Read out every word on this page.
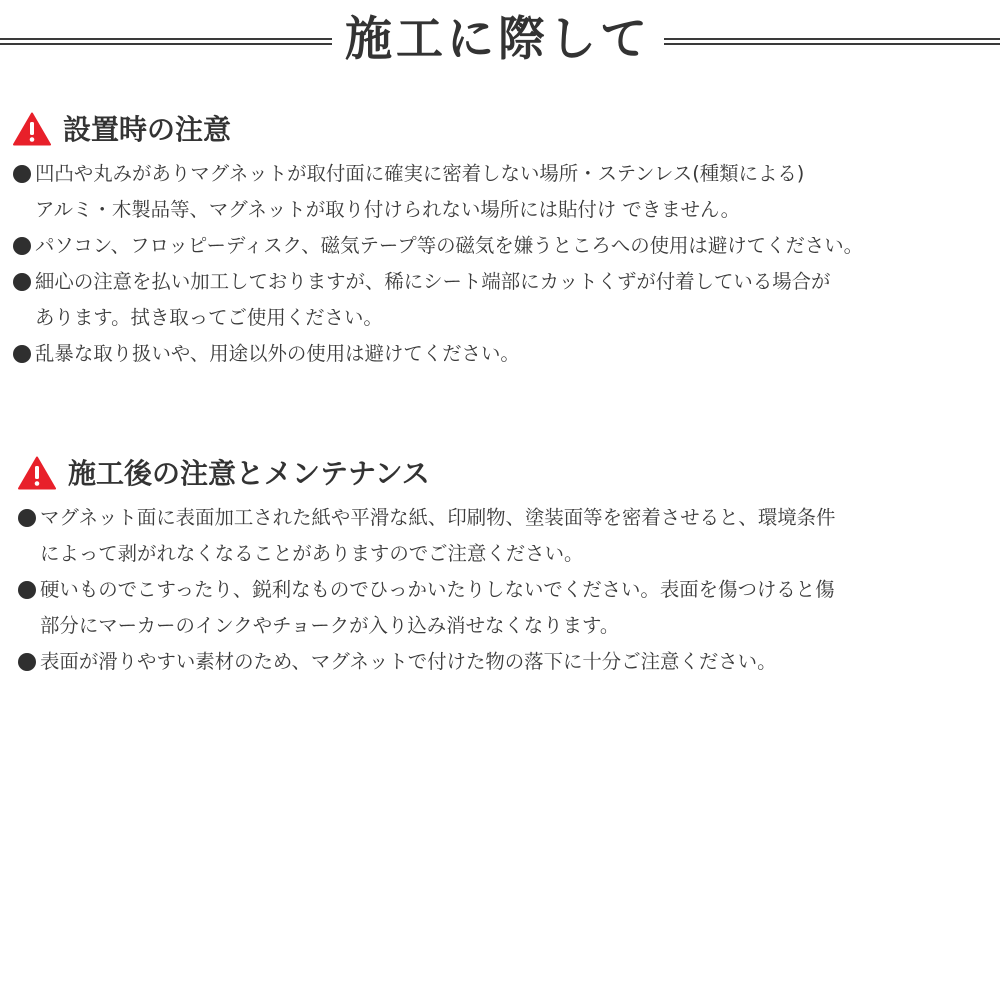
施工に際して
設置時の注意
凹凸や丸みがありマグネットが取付面に確実に密着しない場所・ステンレス(種類による)
アルミ・木製品等、マグネットが取り付けられない場所には貼付け できません。
パソコン、フロッピーディスク、磁気テープ等の磁気を嫌うところへの使用は避けてください。
細心の注意を払い加工しておりますが、稀にシート端部にカットくずが付着している場合が
あります。拭き取ってご使用ください。
乱暴な取り扱いや、用途以外の使用は避けてください。
施工後の注意とメンテナンス
マグネット面に表面加工された紙や平滑な紙、印刷物、塗装面等を密着させると、環境条件
によって剥がれなくなることがありますのでご注意ください。
硬いものでこすったり、鋭利なものでひっかいたりしないでください。表面を傷つけると傷
部分にマーカーのインクやチョークが入り込み消せなくなります。
表面が滑りやすい素材のため、マグネットで付けた物の落下に十分ご注意ください。
